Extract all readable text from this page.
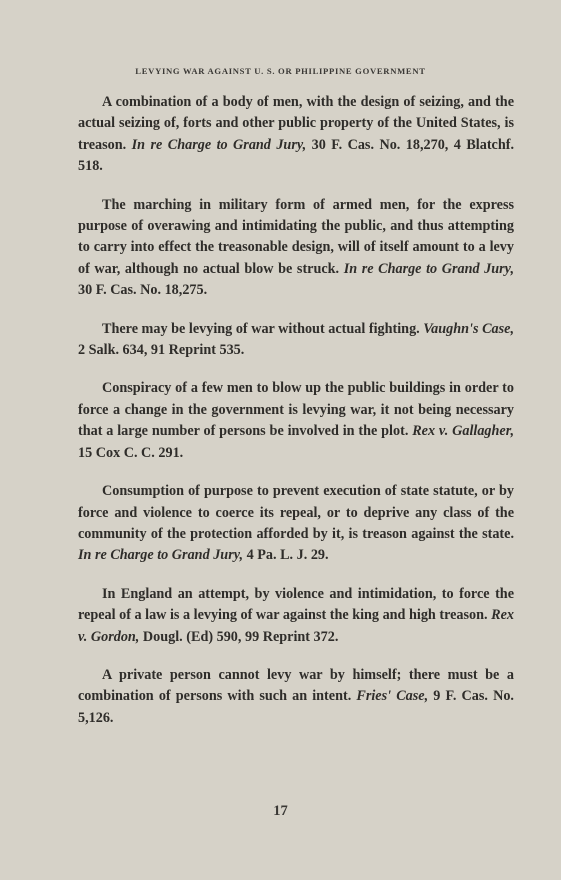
LEVYING WAR AGAINST U. S. OR PHILIPPINE GOVERNMENT

A combination of a body of men, with the design of seizing, and the actual seizing of, forts and other public property of the United States, is treason. In re Charge to Grand Jury, 30 F. Cas. No. 18,270, 4 Blatchf. 518.

The marching in military form of armed men, for the express purpose of overawing and intimidating the public, and thus attempting to carry into effect the treasonable design, will of itself amount to a levy of war, although no actual blow be struck. In re Charge to Grand Jury, 30 F. Cas. No. 18,275.

There may be levying of war without actual fighting. Vaughn's Case, 2 Salk. 634, 91 Reprint 535.

Conspiracy of a few men to blow up the public buildings in order to force a change in the government is levying war, it not being necessary that a large number of persons be involved in the plot. Rex v. Gallagher, 15 Cox C. C. 291.

Consumption of purpose to prevent execution of state statute, or by force and violence to coerce its repeal, or to deprive any class of the community of the protection afforded by it, is treason against the state. In re Charge to Grand Jury, 4 Pa. L. J. 29.

In England an attempt, by violence and intimidation, to force the repeal of a law is a levying of war against the king and high treason. Rex v. Gordon, Dougl. (Ed) 590, 99 Reprint 372.

A private person cannot levy war by himself; there must be a combination of persons with such an intent. Fries' Case, 9 F. Cas. No. 5,126.

17
